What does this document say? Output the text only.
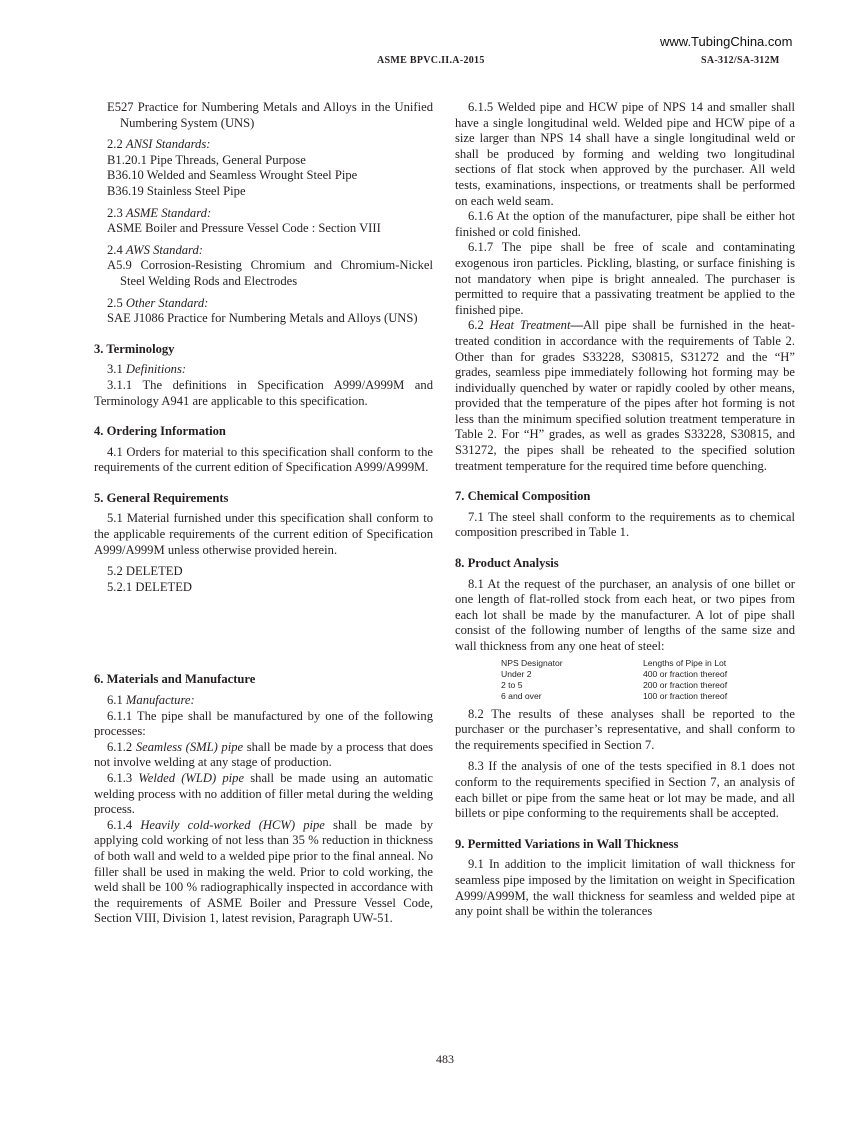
www.TubingChina.com
ASME BPVC.II.A-2015	SA-312/SA-312M

E527 Practice for Numbering Metals and Alloys in the Unified Numbering System (UNS)

2.2 ANSI Standards:

B1.20.1 Pipe Threads, General Purpose

B36.10 Welded and Seamless Wrought Steel Pipe

B36.19 Stainless Steel Pipe

2.3 ASME Standard:

ASME Boiler and Pressure Vessel Code : Section VIII

2.4 AWS Standard:

A5.9 Corrosion-Resisting Chromium and Chromium-Nickel Steel Welding Rods and Electrodes

2.5 Other Standard:

SAE J1086 Practice for Numbering Metals and Alloys (UNS)

3. Terminology

3.1 Definitions:

3.1.1 The definitions in Specification A999/A999M and Terminology A941 are applicable to this specification.

4. Ordering Information

4.1 Orders for material to this specification shall conform to the requirements of the current edition of Specification A999/A999M.

5. General Requirements

5.1 Material furnished under this specification shall conform to the applicable requirements of the current edition of Specification A999/A999M unless otherwise provided herein.

5.2 DELETED

5.2.1 DELETED

6. Materials and Manufacture

6.1 Manufacture:

6.1.1 The pipe shall be manufactured by one of the following processes:

6.1.2 Seamless (SML) pipe shall be made by a process that does not involve welding at any stage of production.

6.1.3 Welded (WLD) pipe shall be made using an automatic welding process with no addition of filler metal during the welding process.

6.1.4 Heavily cold-worked (HCW) pipe shall be made by applying cold working of not less than 35 % reduction in thickness of both wall and weld to a welded pipe prior to the final anneal. No filler shall be used in making the weld. Prior to cold working, the weld shall be 100 % radiographically inspected in accordance with the requirements of ASME Boiler and Pressure Vessel Code, Section VIII, Division 1, latest revision, Paragraph UW-51.

6.1.5 Welded pipe and HCW pipe of NPS 14 and smaller shall have a single longitudinal weld. Welded pipe and HCW pipe of a size larger than NPS 14 shall have a single longitudinal weld or shall be produced by forming and welding two longitudinal sections of flat stock when approved by the purchaser. All weld tests, examinations, inspections, or treatments shall be performed on each weld seam.

6.1.6 At the option of the manufacturer, pipe shall be either hot finished or cold finished.

6.1.7 The pipe shall be free of scale and contaminating exogenous iron particles. Pickling, blasting, or surface finishing is not mandatory when pipe is bright annealed. The purchaser is permitted to require that a passivating treatment be applied to the finished pipe.

6.2 Heat Treatment—All pipe shall be furnished in the heat-treated condition in accordance with the requirements of Table 2. Other than for grades S33228, S30815, S31272 and the “H” grades, seamless pipe immediately following hot forming may be individually quenched by water or rapidly cooled by other means, provided that the temperature of the pipes after hot forming is not less than the minimum specified solution treatment temperature in Table 2. For “H” grades, as well as grades S33228, S30815, and S31272, the pipes shall be reheated to the specified solution treatment temperature for the required time before quenching.

7. Chemical Composition

7.1 The steel shall conform to the requirements as to chemical composition prescribed in Table 1.

8. Product Analysis

8.1 At the request of the purchaser, an analysis of one billet or one length of flat-rolled stock from each heat, or two pipes from each lot shall be made by the manufacturer. A lot of pipe shall consist of the following number of lengths of the same size and wall thickness from any one heat of steel:

NPS Designator	Lengths of Pipe in Lot
Under 2	400 or fraction thereof
2 to 5	200 or fraction thereof
6 and over	100 or fraction thereof

8.2 The results of these analyses shall be reported to the purchaser or the purchaser’s representative, and shall conform to the requirements specified in Section 7.

8.3 If the analysis of one of the tests specified in 8.1 does not conform to the requirements specified in Section 7, an analysis of each billet or pipe from the same heat or lot may be made, and all billets or pipe conforming to the requirements shall be accepted.

9. Permitted Variations in Wall Thickness

9.1 In addition to the implicit limitation of wall thickness for seamless pipe imposed by the limitation on weight in Specification A999/A999M, the wall thickness for seamless and welded pipe at any point shall be within the tolerances

483
